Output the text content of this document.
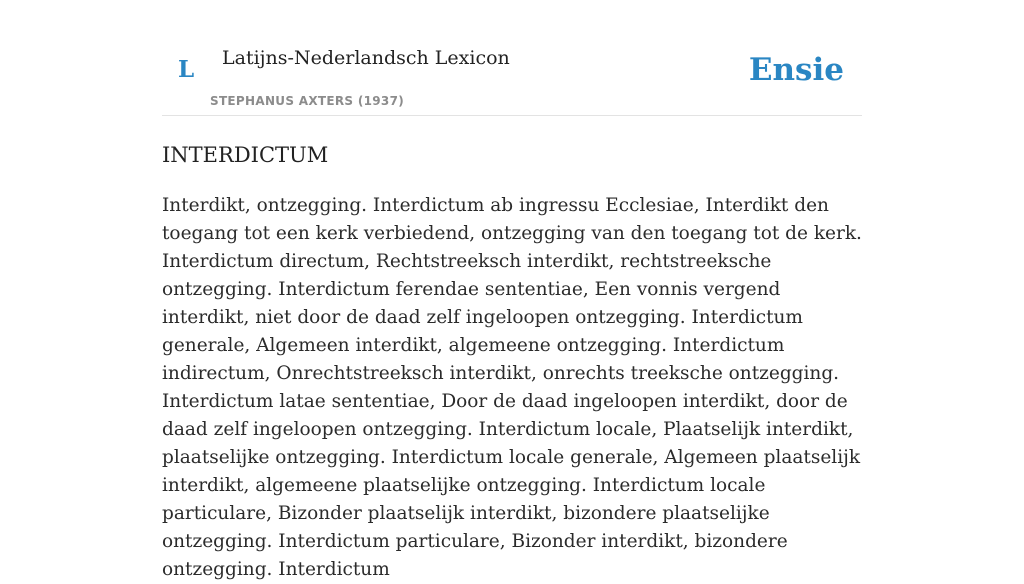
L Latijns-Nederlandsch Lexicon
STEPHANUS AXTERS (1937)
Ensie
INTERDICTUM

Interdikt, ontzegging. Interdictum ab ingressu Ecclesiae, Interdikt den toegang tot een kerk verbiedend, ontzegging van den toegang tot de kerk. Interdictum directum, Rechtstreeksch interdikt, rechtstreeksche ontzegging. Interdictum ferendae sententiae, Een vonnis vergend interdikt, niet door de daad zelf ingeloopen ontzegging. Interdictum generale, Algemeen interdikt, algemeene ontzegging. Interdictum indirectum, Onrechtstreeksch interdikt, onrechts treeksche ontzegging. Interdictum latae sententiae, Door de daad ingeloopen interdikt, door de daad zelf ingeloopen ontzegging. Interdictum locale, Plaatselijk interdikt, plaatselijke ontzegging. Interdictum locale generale, Algemeen plaatselijk interdikt, algemeene plaatselijke ontzegging. Interdictum locale particulare, Bizonder plaatselijk interdikt, bizondere plaatselijke ontzegging. Interdictum particulare, Bizonder interdikt, bizondere ontzegging. Interdictum
